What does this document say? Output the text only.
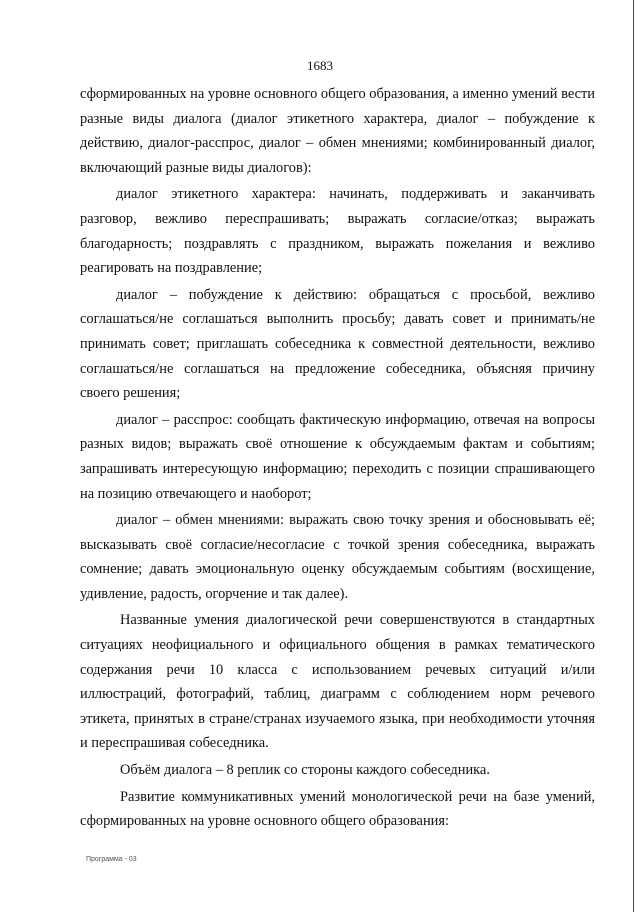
1683

сформированных на уровне основного общего образования, а именно умений вести разные виды диалога (диалог этикетного характера, диалог – побуждение к действию, диалог-расспрос, диалог – обмен мнениями; комбинированный диалог, включающий разные виды диалогов):

диалог этикетного характера: начинать, поддерживать и заканчивать разговор, вежливо переспрашивать; выражать согласие/отказ; выражать благодарность; поздравлять с праздником, выражать пожелания и вежливо реагировать на поздравление;

диалог – побуждение к действию: обращаться с просьбой, вежливо соглашаться/не соглашаться выполнить просьбу; давать совет и принимать/не принимать совет; приглашать собеседника к совместной деятельности, вежливо соглашаться/не соглашаться на предложение собеседника, объясняя причину своего решения;

диалог – расспрос: сообщать фактическую информацию, отвечая на вопросы разных видов; выражать своё отношение к обсуждаемым фактам и событиям; запрашивать интересующую информацию; переходить с позиции спрашивающего на позицию отвечающего и наоборот;

диалог – обмен мнениями: выражать свою точку зрения и обосновывать её; высказывать своё согласие/несогласие с точкой зрения собеседника, выражать сомнение; давать эмоциональную оценку обсуждаемым событиям (восхищение, удивление, радость, огорчение и так далее).

Названные умения диалогической речи совершенствуются в стандартных ситуациях неофициального и официального общения в рамках тематического содержания речи 10 класса с использованием речевых ситуаций и/или иллюстраций, фотографий, таблиц, диаграмм с соблюдением норм речевого этикета, принятых в стране/странах изучаемого языка, при необходимости уточняя и переспрашивая собеседника.

Объём диалога – 8 реплик со стороны каждого собеседника.

Развитие коммуникативных умений монологической речи на базе умений, сформированных на уровне основного общего образования:

Программа - 03
